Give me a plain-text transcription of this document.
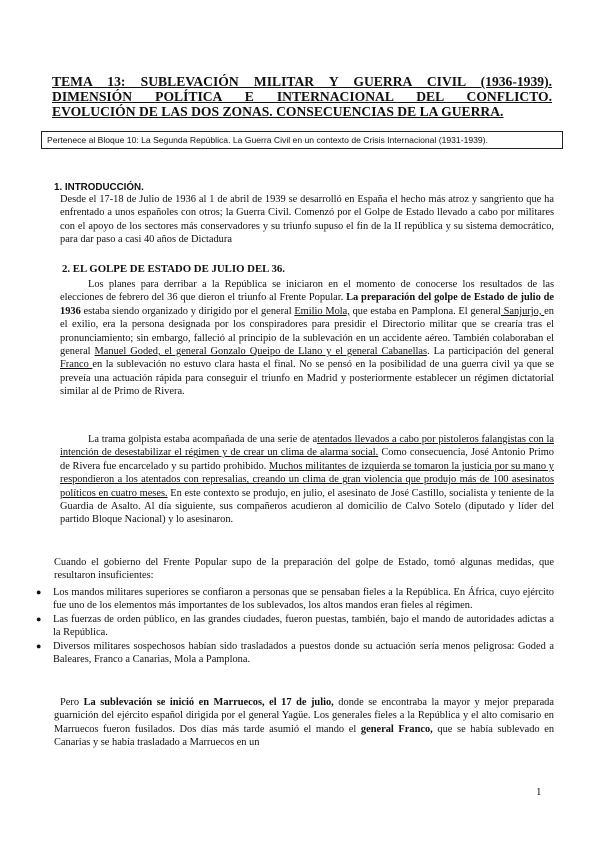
TEMA 13: SUBLEVACIÓN MILITAR Y GUERRA CIVIL (1936-1939).
DIMENSIÓN POLÍTICA E INTERNACIONAL DEL CONFLICTO.
EVOLUCIÓN DE LAS DOS ZONAS. CONSECUENCIAS DE LA GUERRA.
Pertenece al Bloque 10: La Segunda República. La Guerra Civil en un contexto de Crisis Internacional (1931-1939).
1. INTRODUCCIÓN.
Desde el 17-18 de Julio de 1936 al 1 de abril de 1939 se desarrolló en España el hecho más atroz y sangriento que ha enfrentado a unos españoles con otros; la Guerra Civil. Comenzó por el Golpe de Estado llevado a cabo por militares con el apoyo de los sectores más conservadores y su triunfo supuso el fin de la II república y su sistema democrático, para dar paso a casi 40 años de Dictadura
2. EL GOLPE DE ESTADO DE JULIO DEL 36.
Los planes para derribar a la República se iniciaron en el momento de conocerse los resultados de las elecciones de febrero del 36 que dieron el triunfo al Frente Popular. La preparación del golpe de Estado de julio de 1936 estaba siendo organizado y dirigido por el general Emilio Mola, que estaba en Pamplona. El general Sanjurjo, en el exilio, era la persona designada por los conspiradores para presidir el Directorio militar que se crearía tras el pronunciamiento; sin embargo, falleció al principio de la sublevación en un accidente aéreo. También colaboraban el general Manuel Goded, el general Gonzalo Queipo de Llano y el general Cabanellas. La participación del general Franco en la sublevación no estuvo clara hasta el final. No se pensó en la posibilidad de una guerra civil ya que se preveía una actuación rápida para conseguir el triunfo en Madrid y posteriormente establecer un régimen dictatorial similar al de Primo de Rivera.
La trama golpista estaba acompañada de una serie de atentados llevados a cabo por pistoleros falangistas con la intención de desestabilizar el régimen y de crear un clima de alarma social. Como consecuencia, José Antonio Primo de Rivera fue encarcelado y su partido prohibido. Muchos militantes de izquierda se tomaron la justicia por su mano y respondieron a los atentados con represalias, creando un clima de gran violencia que produjo más de 100 asesinatos políticos en cuatro meses. En este contexto se produjo, en julio, el asesinato de José Castillo, socialista y teniente de la Guardia de Asalto. Al día siguiente, sus compañeros acudieron al domicilio de Calvo Sotelo (diputado y líder del partido Bloque Nacional) y lo asesinaron.
Cuando el gobierno del Frente Popular supo de la preparación del golpe de Estado, tomó algunas medidas, que resultaron insuficientes:
● Los mandos militares superiores se confiaron a personas que se pensaban fieles a la República. En África, cuyo ejército fue uno de los elementos más importantes de los sublevados, los altos mandos eran fieles al régimen.
● Las fuerzas de orden público, en las grandes ciudades, fueron puestas, también, bajo el mando de autoridades adictas a la República.
● Diversos militares sospechosos habían sido trasladados a puestos donde su actuación sería menos peligrosa: Goded a Baleares, Franco a Canarias, Mola a Pamplona.
Pero La sublevación se inició en Marruecos, el 17 de julio, donde se encontraba la mayor y mejor preparada guarnición del ejército español dirigida por el general Yagüe. Los generales fieles a la República y el alto comisario en Marruecos fueron fusilados. Dos días más tarde asumió el mando el general Franco, que se había sublevado en Canarias y se había trasladado a Marruecos en un
1
